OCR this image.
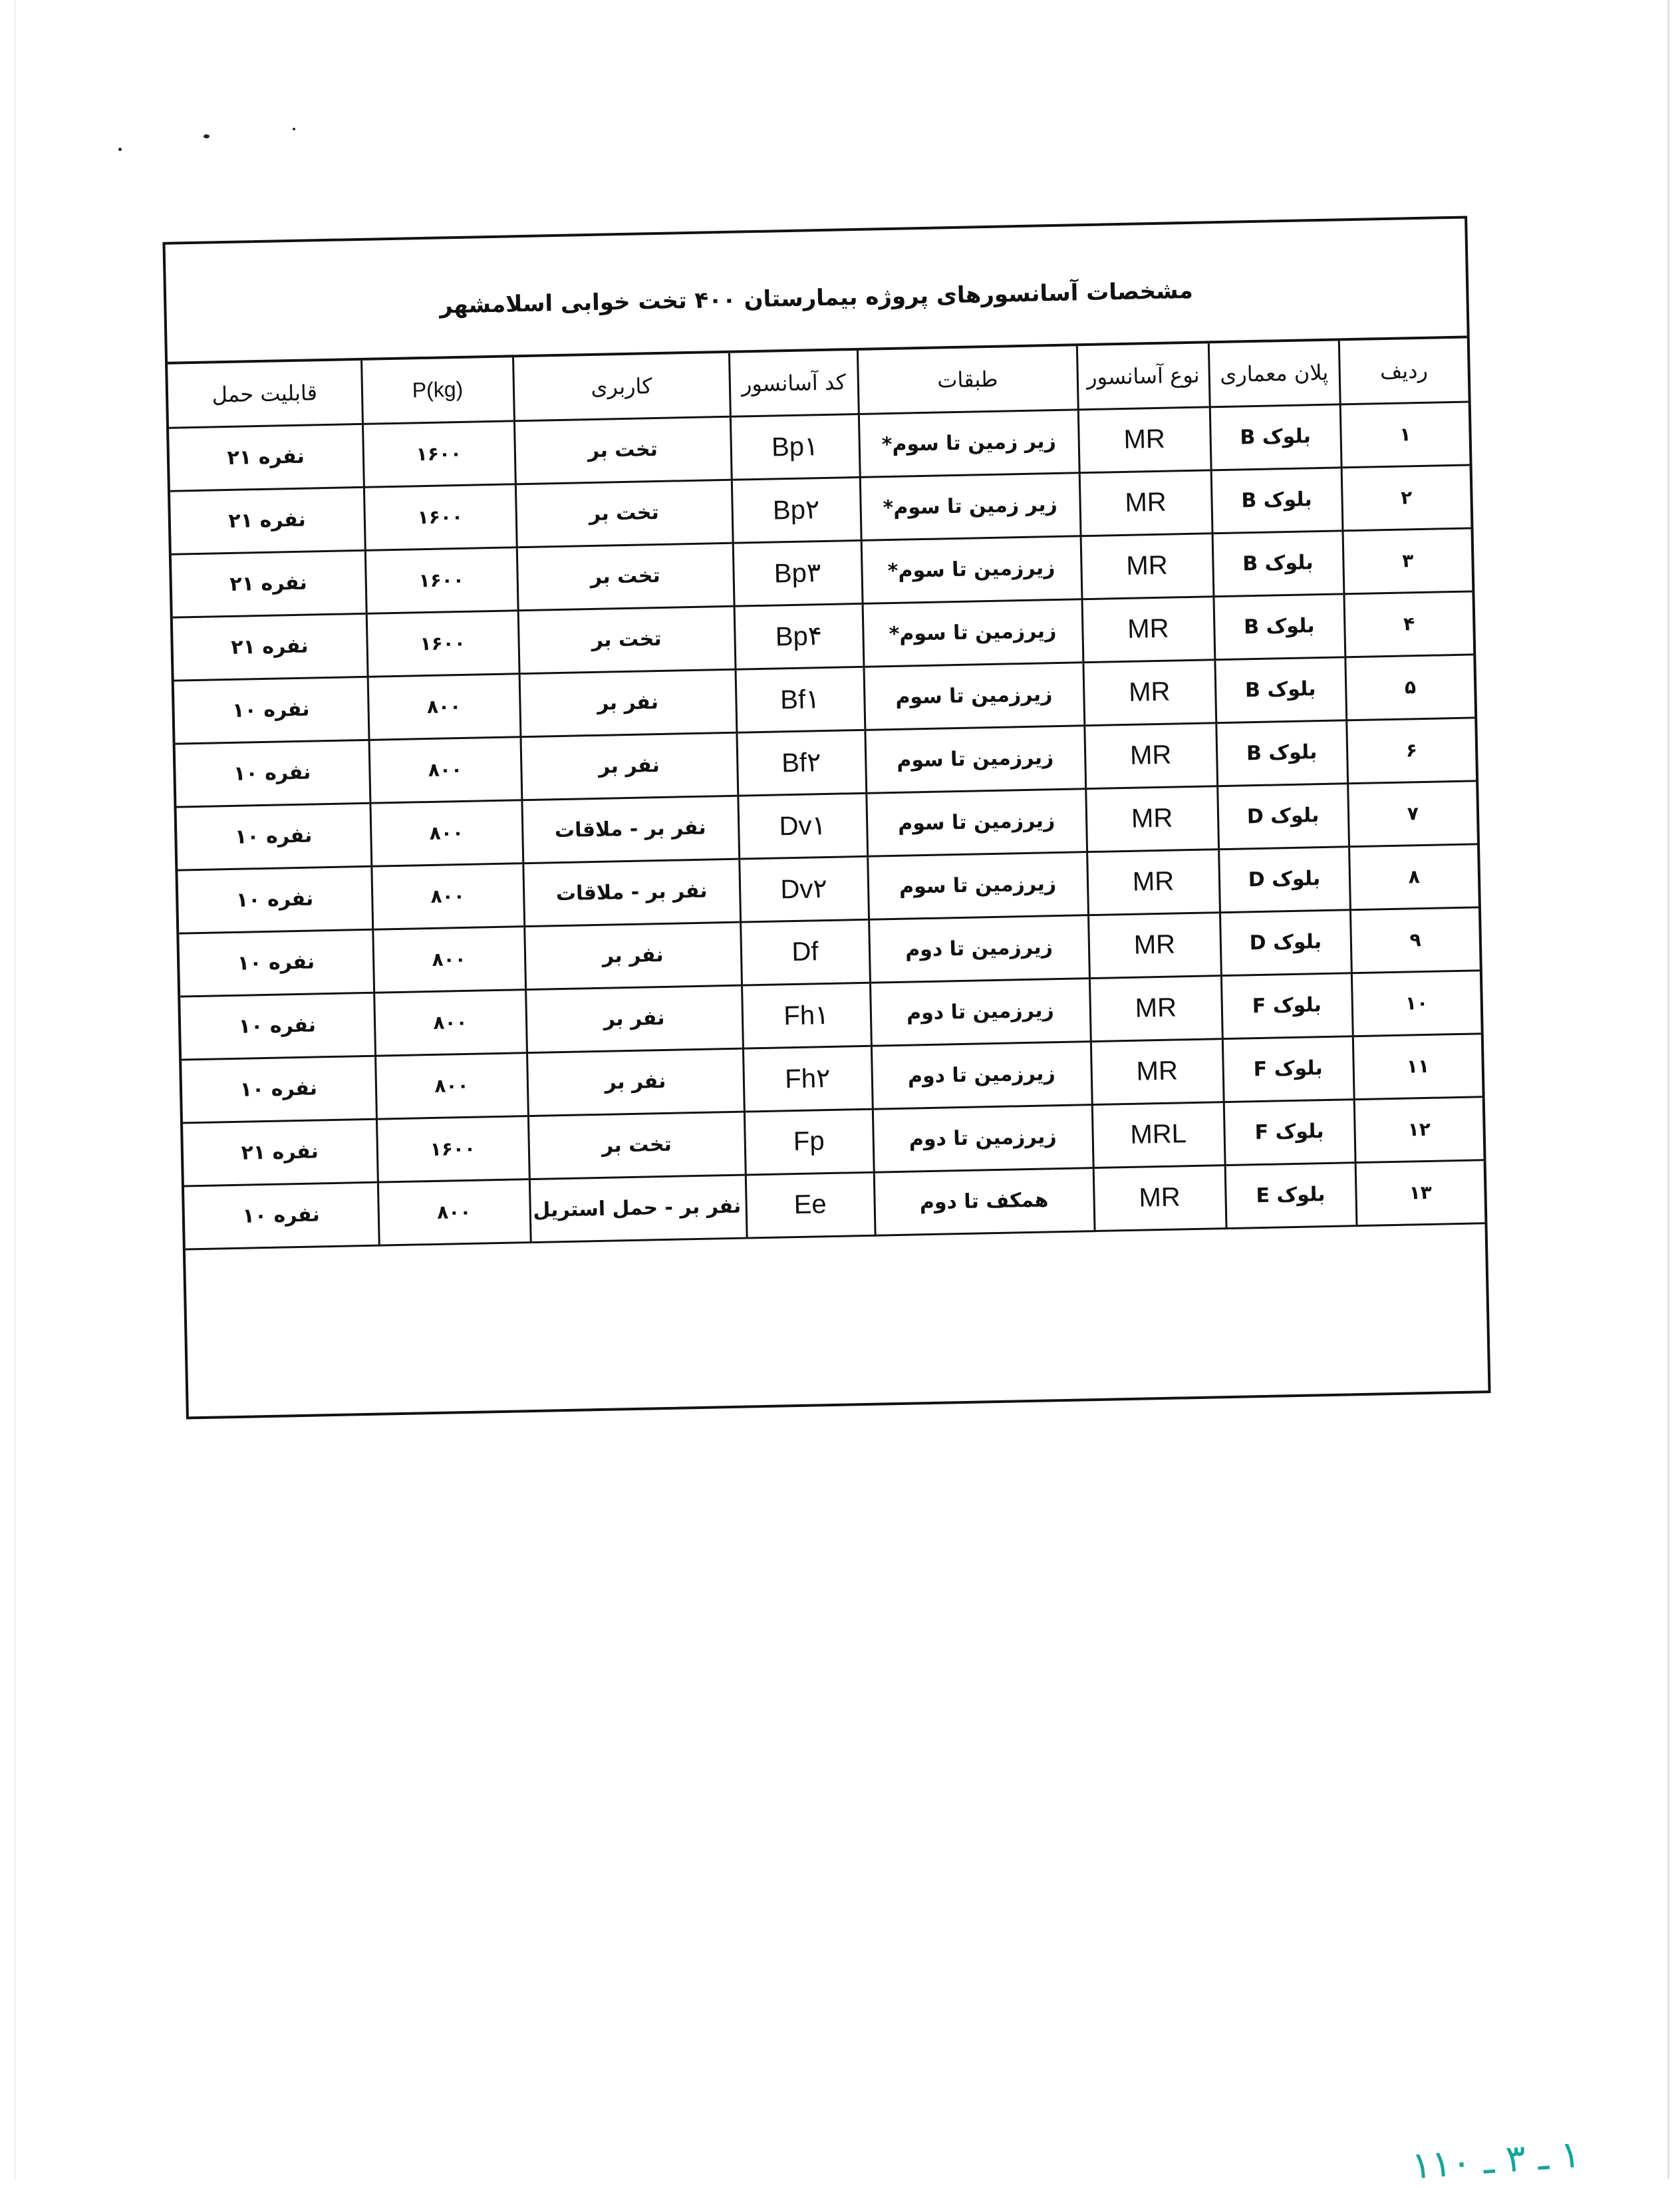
مشخصات آسانسورهای پروژه بیمارستان ۴۰۰ تخت خوابی اسلامشهر
ردیف	پلان معماری	نوع آسانسور	طبقات	کد آسانسور	کاربری	P(kg)	قابلیت حمل
۱	بلوک B	MR	زیر زمین تا سوم*	Bp۱	تخت بر	۱۶۰۰	نفره ۲۱
۲	بلوک B	MR	زیر زمین تا سوم*	Bp۲	تخت بر	۱۶۰۰	نفره ۲۱
۳	بلوک B	MR	زیرزمین تا سوم*	Bp۳	تخت بر	۱۶۰۰	نفره ۲۱
۴	بلوک B	MR	زیرزمین تا سوم*	Bp۴	تخت بر	۱۶۰۰	نفره ۲۱
۵	بلوک B	MR	زیرزمین تا سوم	Bf۱	نفر بر	۸۰۰	نفره ۱۰
۶	بلوک B	MR	زیرزمین تا سوم	Bf۲	نفر بر	۸۰۰	نفره ۱۰
۷	بلوک D	MR	زیرزمین تا سوم	Dv۱	نفر بر - ملاقات	۸۰۰	نفره ۱۰
۸	بلوک D	MR	زیرزمین تا سوم	Dv۲	نفر بر - ملاقات	۸۰۰	نفره ۱۰
۹	بلوک D	MR	زیرزمین تا دوم	Df	نفر بر	۸۰۰	نفره ۱۰
۱۰	بلوک F	MR	زیرزمین تا دوم	Fh۱	نفر بر	۸۰۰	نفره ۱۰
۱۱	بلوک F	MR	زیرزمین تا دوم	Fh۲	نفر بر	۸۰۰	نفره ۱۰
۱۲	بلوک F	MRL	زیرزمین تا دوم	Fp	تخت بر	۱۶۰۰	نفره ۲۱
۱۳	بلوک E	MR	همکف تا دوم	Ee	نفر بر - حمل استریل	۸۰۰	نفره ۱۰
۱ ـ ۳ ـ ۱۱۰
